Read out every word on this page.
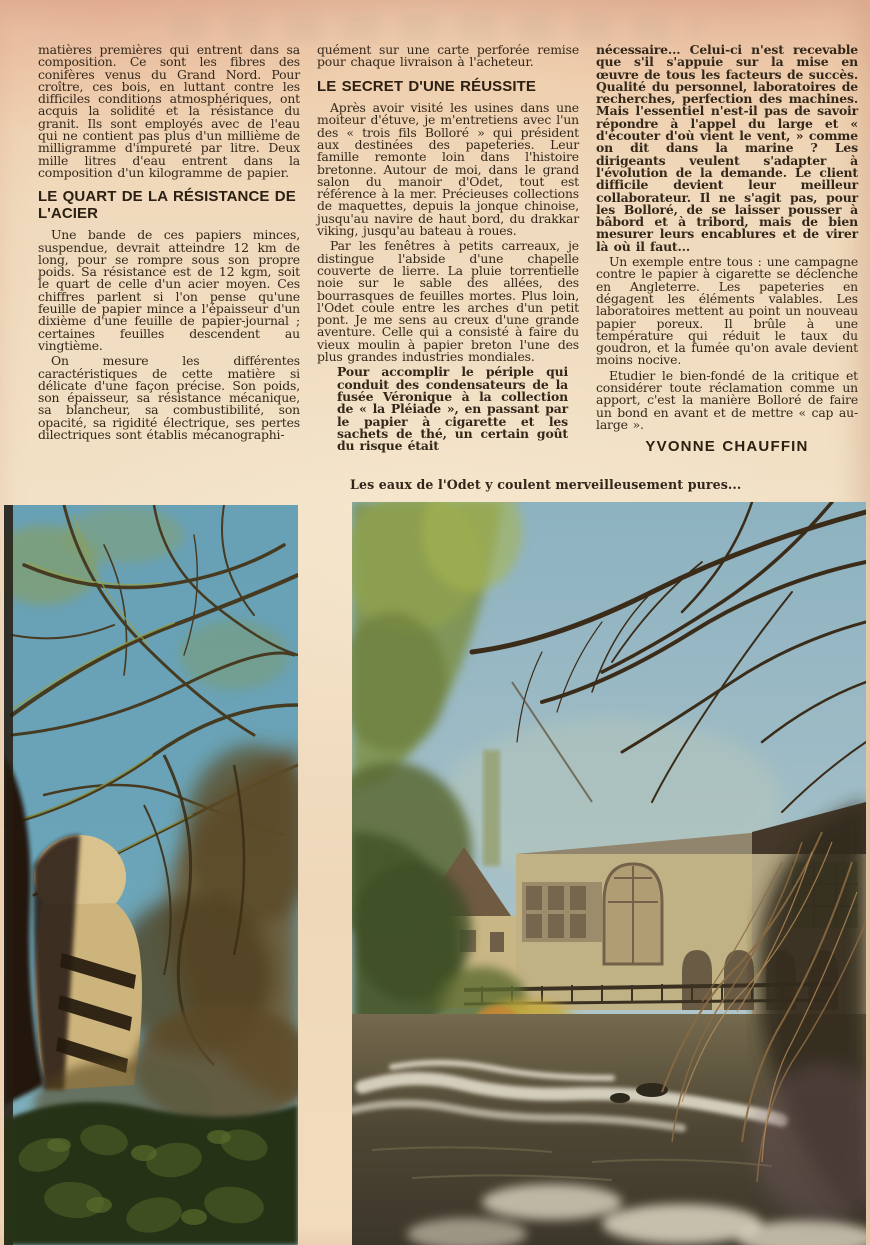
matières premières qui entrent dans sa composition. Ce sont les fibres des conifères venus du Grand Nord. Pour croître, ces bois, en luttant contre les difficiles conditions atmosphériques, ont acquis la solidité et la résistance du granit. Ils sont employés avec de l'eau qui ne contient pas plus d'un millième de milligramme d'impureté par litre. Deux mille litres d'eau entrent dans la composition d'un kilogramme de papier.

LE QUART DE LA RÉSISTANCE DE L'ACIER

Une bande de ces papiers minces, suspendue, devrait atteindre 12 km de long, pour se rompre sous son propre poids. Sa résistance est de 12 kgm, soit le quart de celle d'un acier moyen. Ces chiffres parlent si l'on pense qu'une feuille de papier mince a l'épaisseur d'un dixième d'une feuille de papier-journal ; certaines feuilles descendent au vingtième.

On mesure les différentes caractéristiques de cette matière si délicate d'une façon précise. Son poids, son épaisseur, sa résistance mécanique, sa blancheur, sa combustibilité, son opacité, sa rigidité électrique, ses pertes dilectriques sont établis mécanographi-

quément sur une carte perforée remise pour chaque livraison à l'acheteur.

LE SECRET D'UNE RÉUSSITE

Après avoir visité les usines dans une moiteur d'étuve, je m'entretiens avec l'un des « trois fils Bolloré » qui président aux destinées des papeteries. Leur famille remonte loin dans l'histoire bretonne. Autour de moi, dans le grand salon du manoir d'Odet, tout est référence à la mer. Précieuses collections de maquettes, depuis la jonque chinoise, jusqu'au navire de haut bord, du drakkar viking, jusqu'au bateau à roues.

Par les fenêtres à petits carreaux, je distingue l'abside d'une chapelle couverte de lierre. La pluie torrentielle noie sur le sable des allées, des bourrasques de feuilles mortes. Plus loin, l'Odet coule entre les arches d'un petit pont. Je me sens au creux d'une grande aventure. Celle qui a consisté à faire du vieux moulin à papier breton l'une des plus grandes industries mondiales.

Pour accomplir le périple qui conduit des condensateurs de la fusée Véronique à la collection de « la Pléiade », en passant par le papier à cigarette et les sachets de thé, un certain goût du risque était

nécessaire... Celui-ci n'est recevable que s'il s'appuie sur la mise en œuvre de tous les facteurs de succès. Qualité du personnel, laboratoires de recherches, perfection des machines. Mais l'essentiel n'est-il pas de savoir répondre à l'appel du large et « d'écouter d'où vient le vent, » comme on dit dans la marine ? Les dirigeants veulent s'adapter à l'évolution de la demande. Le client difficile devient leur meilleur collaborateur. Il ne s'agit pas, pour les Bolloré, de se laisser pousser à bâbord et à tribord, mais de bien mesurer leurs encablures et de virer là où il faut...

Un exemple entre tous : une campagne contre le papier à cigarette se déclenche en Angleterre. Les papeteries en dégagent les éléments valables. Les laboratoires mettent au point un nouveau papier poreux. Il brûle à une température qui réduit le taux du goudron, et la fumée qu'on avale devient moins nocive.

Etudier le bien-fondé de la critique et considérer toute réclamation comme un apport, c'est la manière Bolloré de faire un bond en avant et de mettre « cap au-large ».

YVONNE CHAUFFIN
Les eaux de l'Odet y coulent merveilleusement pures...
